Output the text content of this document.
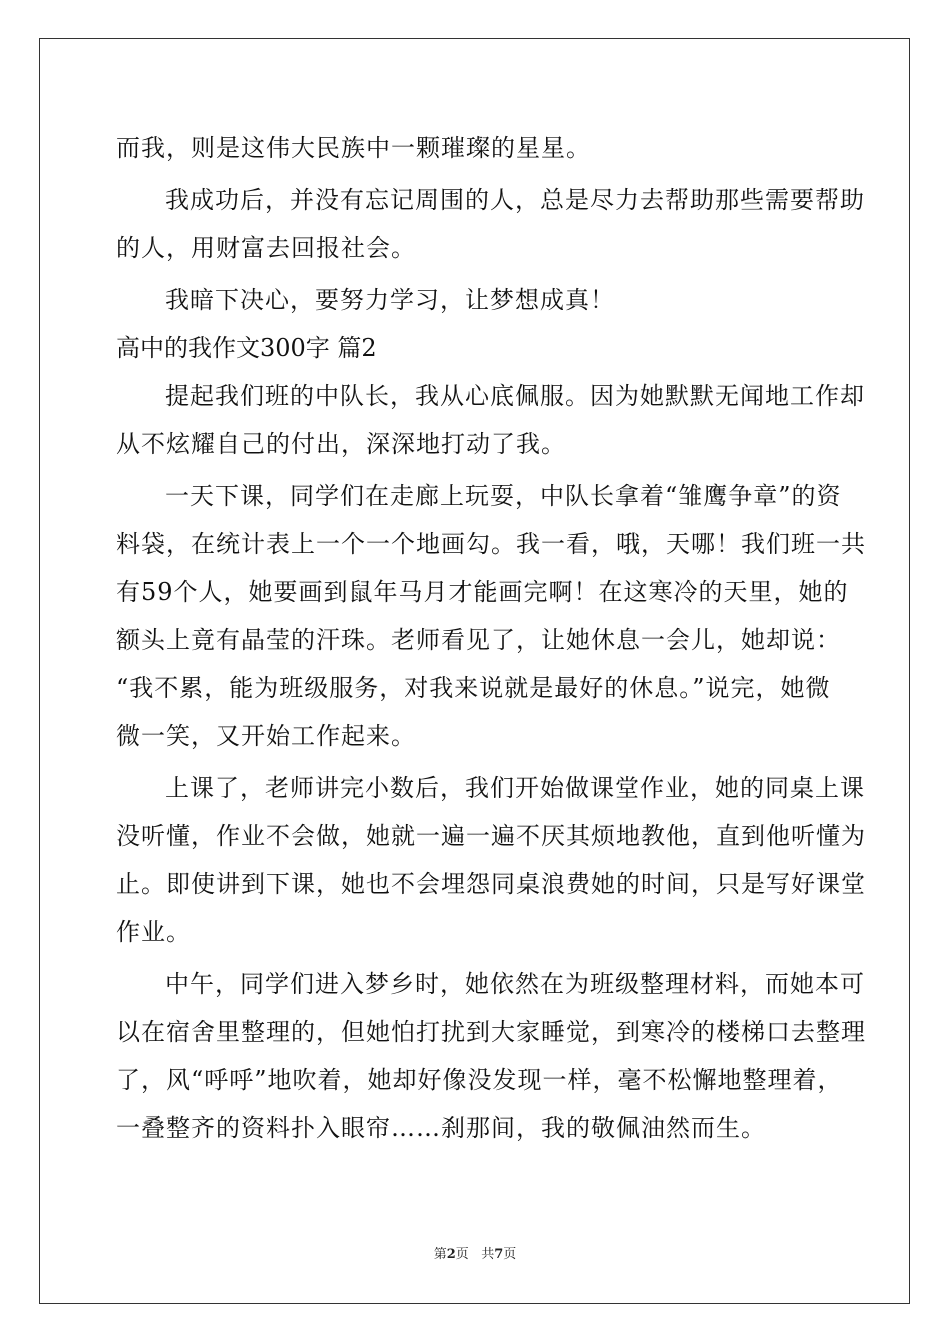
而我，则是这伟大民族中一颗璀璨的星星。
我成功后，并没有忘记周围的人，总是尽力去帮助那些需要帮助
的人，用财富去回报社会。
我暗下决心，要努力学习，让梦想成真！
高中的我作文300字 篇2
提起我们班的中队长，我从心底佩服。因为她默默无闻地工作却
从不炫耀自己的付出，深深地打动了我。
一天下课，同学们在走廊上玩耍，中队长拿着“雏鹰争章”的资
料袋，在统计表上一个一个地画勾。我一看，哦，天哪！我们班一共
有59个人，她要画到鼠年马月才能画完啊！在这寒冷的天里，她的
额头上竟有晶莹的汗珠。老师看见了，让她休息一会儿，她却说：
“我不累，能为班级服务，对我来说就是最好的休息。”说完，她微
微一笑，又开始工作起来。
上课了，老师讲完小数后，我们开始做课堂作业，她的同桌上课
没听懂，作业不会做，她就一遍一遍不厌其烦地教他，直到他听懂为
止。即使讲到下课，她也不会埋怨同桌浪费她的时间，只是写好课堂
作业。
中午，同学们进入梦乡时，她依然在为班级整理材料，而她本可
以在宿舍里整理的，但她怕打扰到大家睡觉，到寒冷的楼梯口去整理
了，风“呼呼”地吹着，她却好像没发现一样，毫不松懈地整理着，
一叠整齐的资料扑入眼帘……刹那间，我的敬佩油然而生。
第2页 共7页
